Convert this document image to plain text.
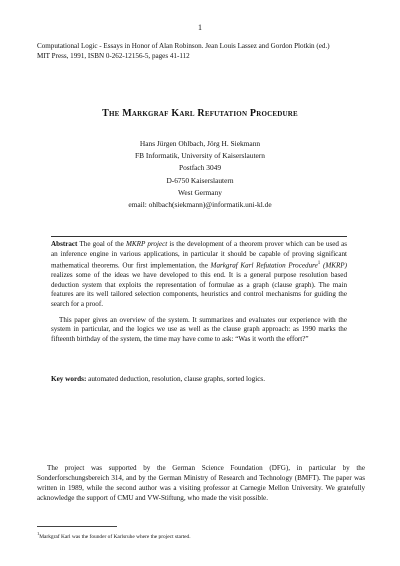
1
Computational Logic - Essays in Honor of Alan Robinson. Jean Louis Lassez and Gordon Plotkin (ed.)
MIT Press, 1991, ISBN 0-262-12156-5, pages 41-112
The Markgraf Karl Refutation Procedure
Hans Jürgen Ohlbach, Jörg H. Siekmann
FB Informatik, University of Kaiserslautern
Postfach 3049
D-6750 Kaiserslautern
West Germany
email: ohlbach(siekmann)@informatik.uni-kl.de

Abstract The goal of the MKRP project is the development of a theorem prover which can be used as an inference engine in various applications, in particular it should be capable of proving significant mathematical theorems. Our first implementation, the Markgraf Karl Refutation Procedure$^1$ (MKRP) realizes some of the ideas we have developed to this end. It is a general purpose resolution based deduction system that exploits the representation of formulae as a graph (clause graph). The main features are its well tailored selection components, heuristics and control mechanisms for guiding the search for a proof.

This paper gives an overview of the system. It summarizes and evaluates our experience with the system in particular, and the logics we use as well as the clause graph approach: as 1990 marks the fifteenth birthday of the system, the time may have come to ask: “Was it worth the effort?”

Key words: automated deduction, resolution, clause graphs, sorted logics.
The project was supported by the German Science Foundation (DFG), in particular by the Sonderforschungsbereich 314, and by the German Ministry of Research and Technology (BMFT). The paper was written in 1989, while the second author was a visiting professor at Carnegie Mellon University. We gratefully acknowledge the support of CMU and VW-Stiftung, who made the visit possible.
$^1$Markgraf Karl was the founder of Karlsruhe where the project started.
